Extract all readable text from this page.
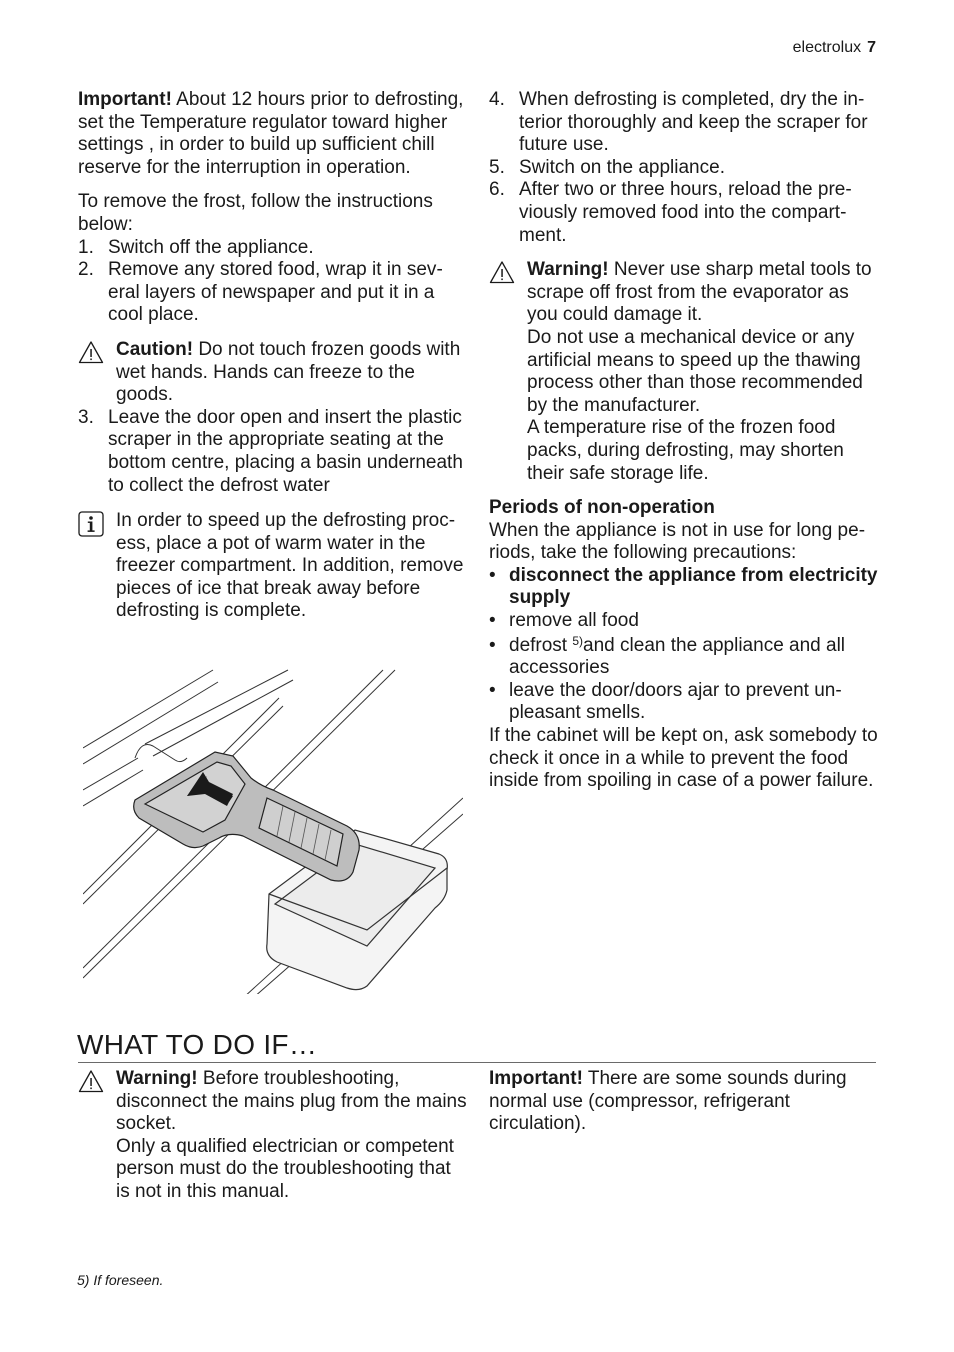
electrolux 7

Important! About 12 hours prior to defrosting, set the Temperature regulator toward higher settings , in order to build up sufficient chill reserve for the interruption in operation.

To remove the frost, follow the instructions below:

1. Switch off the appliance.
2. Remove any stored food, wrap it in several layers of newspaper and put it in a cool place.

Caution! Do not touch frozen goods with wet hands. Hands can freeze to the goods.

3. Leave the door open and insert the plastic scraper in the appropriate seating at the bottom centre, placing a basin underneath to collect the defrost water

In order to speed up the defrosting process, place a pot of warm water in the freezer compartment. In addition, remove pieces of ice that break away before defrosting is complete.

4. When defrosting is completed, dry the interior thoroughly and keep the scraper for future use.
5. Switch on the appliance.
6. After two or three hours, reload the previously removed food into the compartment.

Warning! Never use sharp metal tools to scrape off frost from the evaporator as you could damage it.

Do not use a mechanical device or any artificial means to speed up the thawing process other than those recommended by the manufacturer.

A temperature rise of the frozen food packs, during defrosting, may shorten their safe storage life.

Periods of non-operation

When the appliance is not in use for long periods, take the following precautions:

• disconnect the appliance from electricity supply
• remove all food
• defrost $^{5)}$and clean the appliance and all accessories
• leave the door/doors ajar to prevent unpleasant smells.

If the cabinet will be kept on, ask somebody to check it once in a while to prevent the food inside from spoiling in case of a power failure.

WHAT TO DO IF…

Warning! Before troubleshooting, disconnect the mains plug from the mains socket.

Only a qualified electrician or competent person must do the troubleshooting that is not in this manual.

Important! There are some sounds during normal use (compressor, refrigerant circulation).

5) If foreseen.
